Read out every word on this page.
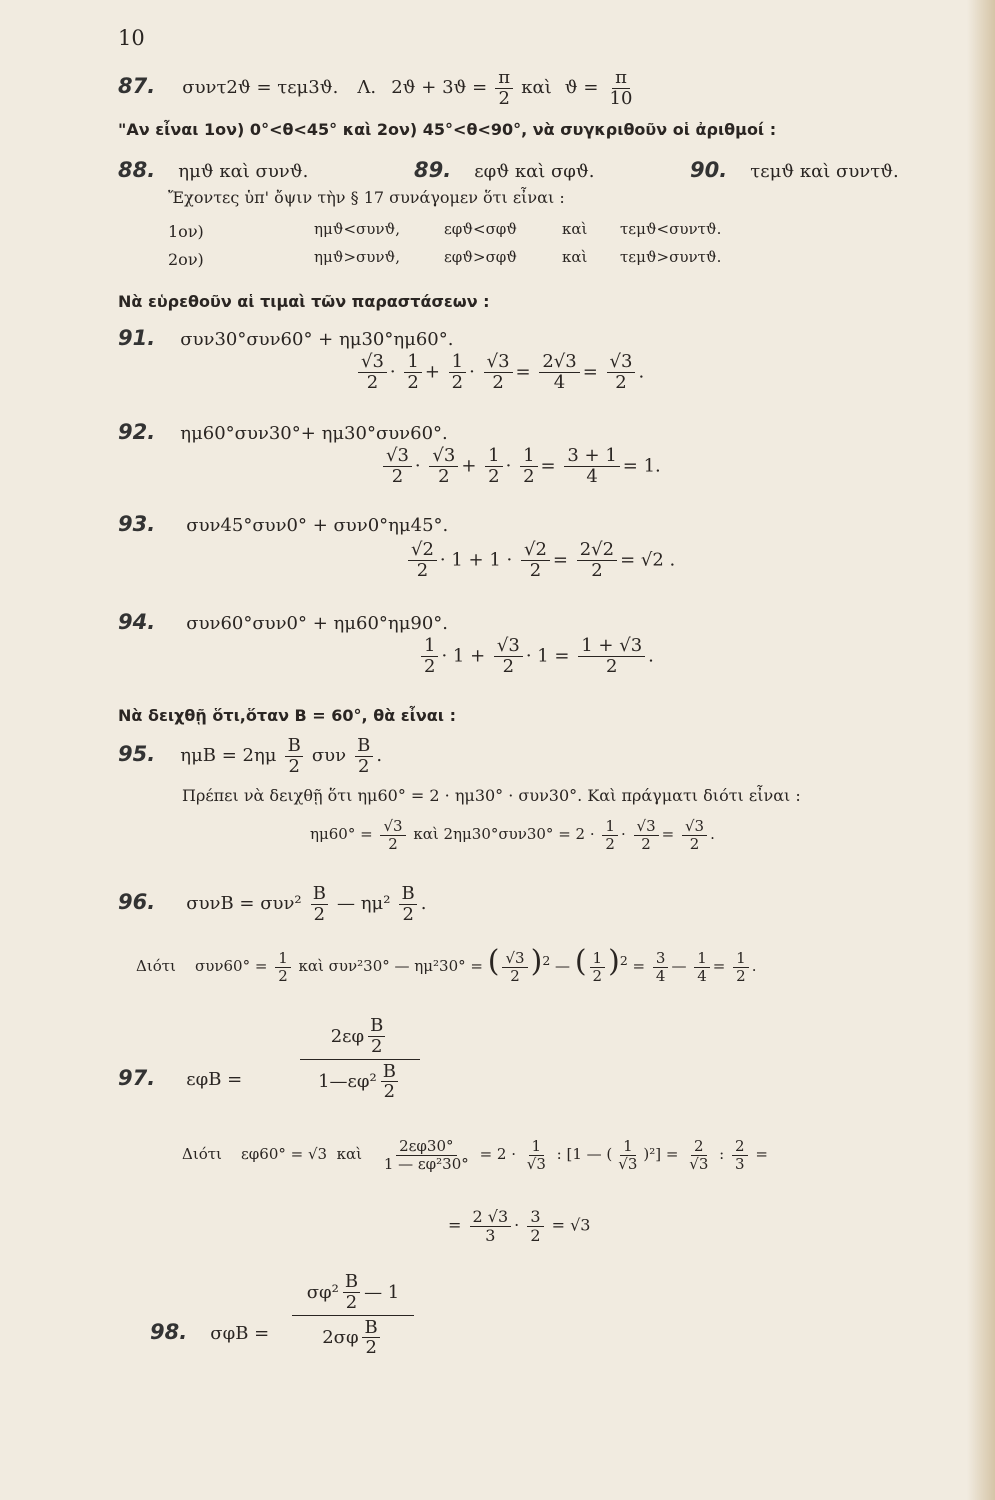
10
87. συντ2ϑ = τεμ3ϑ. Λ. $2ϑ + 3ϑ = \frac{\pi}{2}$ καὶ $ϑ = \frac{\pi}{10}$
"Αν εἶναι 1ον) 0°<θ<45° καὶ 2ον) 45°<θ<90°, νὰ συγκριθοῦν οἱ ἀριθμοί :
88. ημϑ καὶ συνϑ.	89. εφϑ καὶ σφϑ.	90. τεμϑ καὶ συντϑ.
Ἔχοντες ὑπ' ὄψιν τὴν § 17 συνάγομεν ὅτι εἶναι :
1ον)	ημϑ<συνϑ,	εφϑ<σφϑ	καὶ τεμϑ<συντϑ.
2ον)	ημϑ>συνϑ,	εφϑ>σφϑ	καὶ τεμϑ>συντϑ.
Νὰ εὑρεθοῦν αἱ τιμαὶ τῶν παραστάσεων :
91. συν30°συν60° + ημ30°ημ60°.
$\frac{√3}{2} \cdot \frac{1}{2} + \frac{1}{2} \cdot \frac{√3}{2} = \frac{2√3}{4} = \frac{√3}{2}$ .
92. ημ60°συν30°+ ημ30°συν60°.
$\frac{√3}{2} \cdot \frac{√3}{2} + \frac{1}{2} \cdot \frac{1}{2} = \frac{3 + 1}{4} = 1$.
93. συν45°συν0° + συν0°ημ45°.
$\frac{√2}{2} \cdot 1 + 1 \cdot \frac{√2}{2} = \frac{2√2}{2} = √2$ .
94. συν60°συν0° + ημ60°ημ90°.
$\frac{1}{2} \cdot 1 + \frac{√3}{2} \cdot 1 = \frac{1 + √3}{2}$ .
Νὰ δειχθῇ ὅτι,ὅταν Β = 60°, θὰ εἶναι :
95. $\eta\mu B = 2\eta\mu \frac{B}{2}$ συν $\frac{B}{2}$ .
Πρέπει νὰ δειχθῇ ὅτι ημ60° = 2 · ημ30° · συν30°. Καὶ πράγματι διότι εἶναι :
$\eta\mu 60^\circ = \frac{√3}{2}$ καὶ $2\eta\mu 30^\circ\sigma\upsilon\nu 30^\circ = 2 \cdot \frac{1}{2} \cdot \frac{√3}{2} = \frac{√3}{2}$ .
96. $\sigma\upsilon\nu B = \sigma\upsilon\nu^2 \frac{B}{2}$ — $\eta\mu^2 \frac{B}{2}$ .
Διότι $\sigma\upsilon\nu 60^\circ = \frac{1}{2}$ καὶ συν²30° — ημ²30° = ( $\frac{√3}{2} )^2$ — ( $\frac{1}{2} )^2 = \frac{3}{4}$ — $\frac{1}{4} = \frac{1}{2}$ .
97. εφΒ =
$2\varepsilon\varphi \frac{B}{2}$
1—εφ² $\frac{B}{2}$
Διότι εφ60° = √3 καὶ $\frac{2\varepsilon\varphi 30^\circ}{\text{1 — εφ²30°}} = 2 \cdot \frac{1}{√3}$ : [1 — ( $\frac{1}{√3} )^2] = \frac{2}{√3}$ : $\frac{2}{3}$ =
= $\frac{2 √3}{3} \cdot \frac{3}{2} = √3$
98. σφΒ =
$\sigma\varphi^2 \frac{B}{2}$ — 1
$2\sigma\varphi \frac{B}{2}$
